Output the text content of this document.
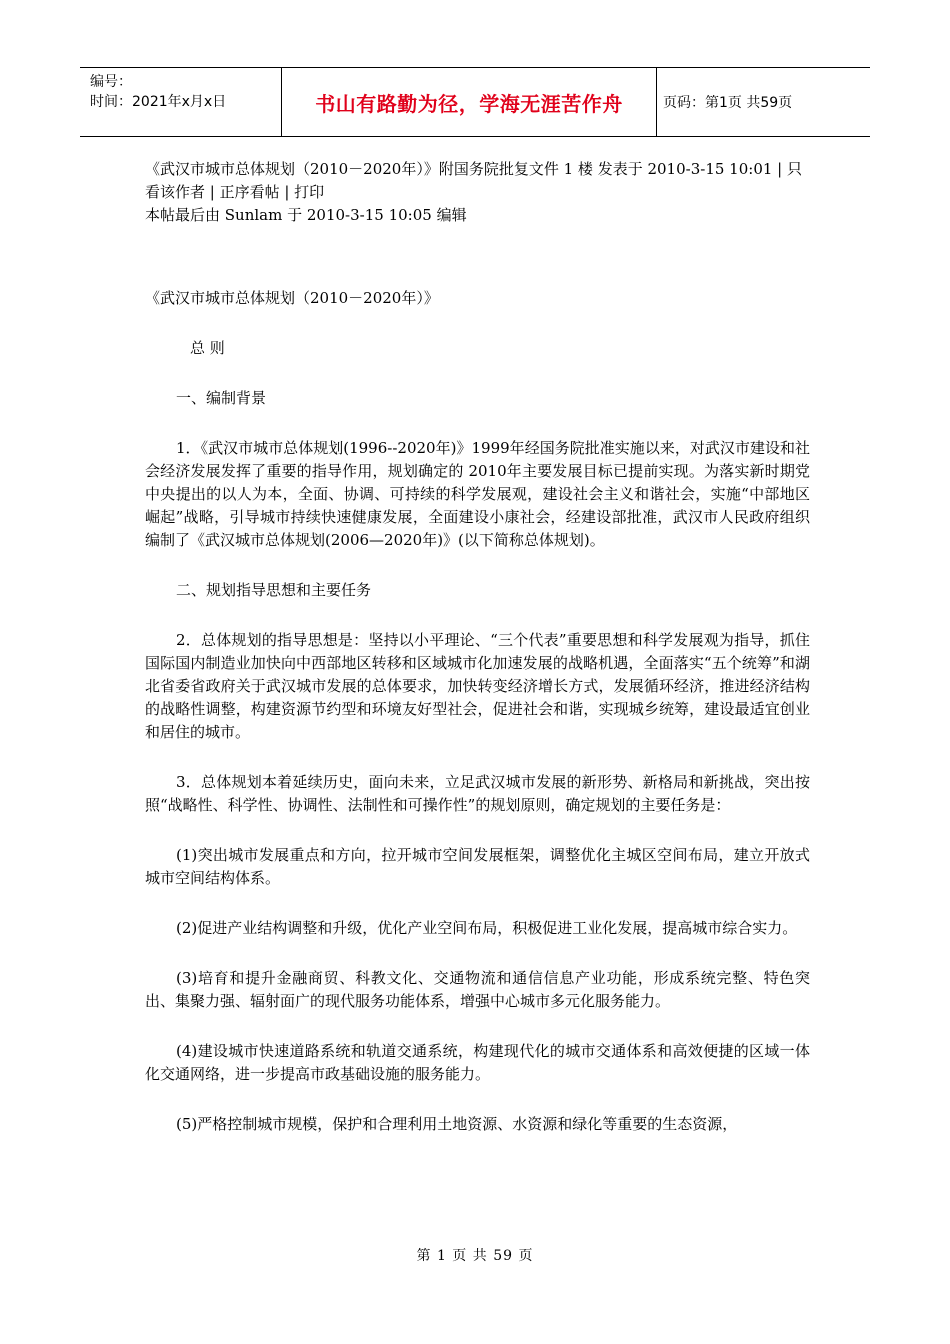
编号：
时间：2021年x月x日	书山有路勤为径，学海无涯苦作舟	页码：第1页 共59页

《武汉市城市总体规划（2010－2020年）》附国务院批复文件 1 楼 发表于 2010-3-15 10:01 | 只看该作者 | 正序看帖 | 打印

本帖最后由 Sunlam 于 2010-3-15 10:05 编辑

《武汉市城市总体规划（2010－2020年）》

总 则

一、编制背景

1．《武汉市城市总体规划(1996--2020年)》1999年经国务院批准实施以来，对武汉市建设和社会经济发展发挥了重要的指导作用，规划确定的 2010年主要发展目标已提前实现。为落实新时期党中央提出的以人为本，全面、协调、可持续的科学发展观，建设社会主义和谐社会，实施“中部地区崛起”战略，引导城市持续快速健康发展，全面建设小康社会，经建设部批准，武汉市人民政府组织编制了《武汉城市总体规划(2006—2020年)》(以下简称总体规划)。

二、规划指导思想和主要任务

2．总体规划的指导思想是：坚持以小平理论、“三个代表”重要思想和科学发展观为指导，抓住国际国内制造业加快向中西部地区转移和区域城市化加速发展的战略机遇，全面落实“五个统筹”和湖北省委省政府关于武汉城市发展的总体要求，加快转变经济增长方式，发展循环经济，推进经济结构的战略性调整，构建资源节约型和环境友好型社会，促进社会和谐，实现城乡统筹，建设最适宜创业和居住的城市。

3．总体规划本着延续历史，面向未来，立足武汉城市发展的新形势、新格局和新挑战，突出按照“战略性、科学性、协调性、法制性和可操作性”的规划原则，确定规划的主要任务是：

(1)突出城市发展重点和方向，拉开城市空间发展框架，调整优化主城区空间布局，建立开放式城市空间结构体系。

(2)促进产业结构调整和升级，优化产业空间布局，积极促进工业化发展，提高城市综合实力。

(3)培育和提升金融商贸、科教文化、交通物流和通信信息产业功能，形成系统完整、特色突出、集聚力强、辐射面广的现代服务功能体系，增强中心城市多元化服务能力。

(4)建设城市快速道路系统和轨道交通系统，构建现代化的城市交通体系和高效便捷的区域一体化交通网络，进一步提高市政基础设施的服务能力。

(5)严格控制城市规模，保护和合理利用土地资源、水资源和绿化等重要的生态资源，

第 1 页 共 59 页
